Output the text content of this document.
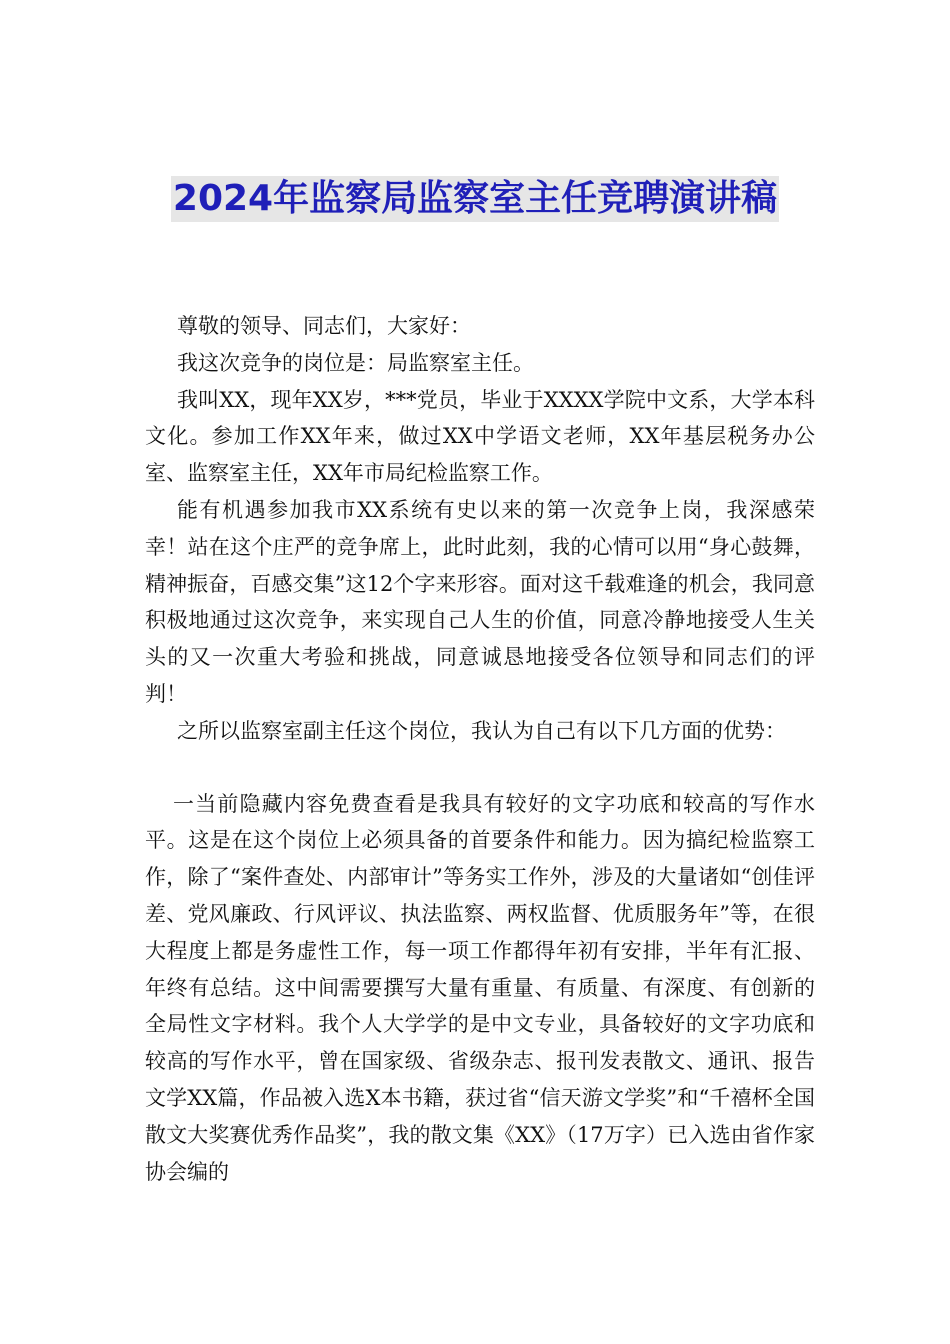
2024年监察局监察室主任竞聘演讲稿

尊敬的领导、同志们，大家好：

我这次竞争的岗位是：局监察室主任。

我叫XX，现年XX岁，***党员，毕业于XXXX学院中文系，大学本科文化。参加工作XX年来，做过XX中学语文老师，XX年基层税务办公室、监察室主任，XX年市局纪检监察工作。

能有机遇参加我市XX系统有史以来的第一次竞争上岗，我深感荣幸！站在这个庄严的竞争席上，此时此刻，我的心情可以用“身心鼓舞，精神振奋，百感交集”这12个字来形容。面对这千载难逢的机会，我同意积极地通过这次竞争，来实现自己人生的价值，同意冷静地接受人生关头的又一次重大考验和挑战，同意诚恳地接受各位领导和同志们的评判！

之所以监察室副主任这个岗位，我认为自己有以下几方面的优势：

一当前隐藏内容免费查看是我具有较好的文字功底和较高的写作水平。这是在这个岗位上必须具备的首要条件和能力。因为搞纪检监察工作，除了“案件查处、内部审计”等务实工作外，涉及的大量诸如“创佳评差、党风廉政、行风评议、执法监察、两权监督、优质服务年”等，在很大程度上都是务虚性工作，每一项工作都得年初有安排，半年有汇报、年终有总结。这中间需要撰写大量有重量、有质量、有深度、有创新的全局性文字材料。我个人大学学的是中文专业，具备较好的文字功底和较高的写作水平，曾在国家级、省级杂志、报刊发表散文、通讯、报告文学XX篇，作品被入选X本书籍，获过省“信天游文学奖”和“千禧杯全国散文大奖赛优秀作品奖”，我的散文集《XX》（17万字）已入选由省作家协会编的
